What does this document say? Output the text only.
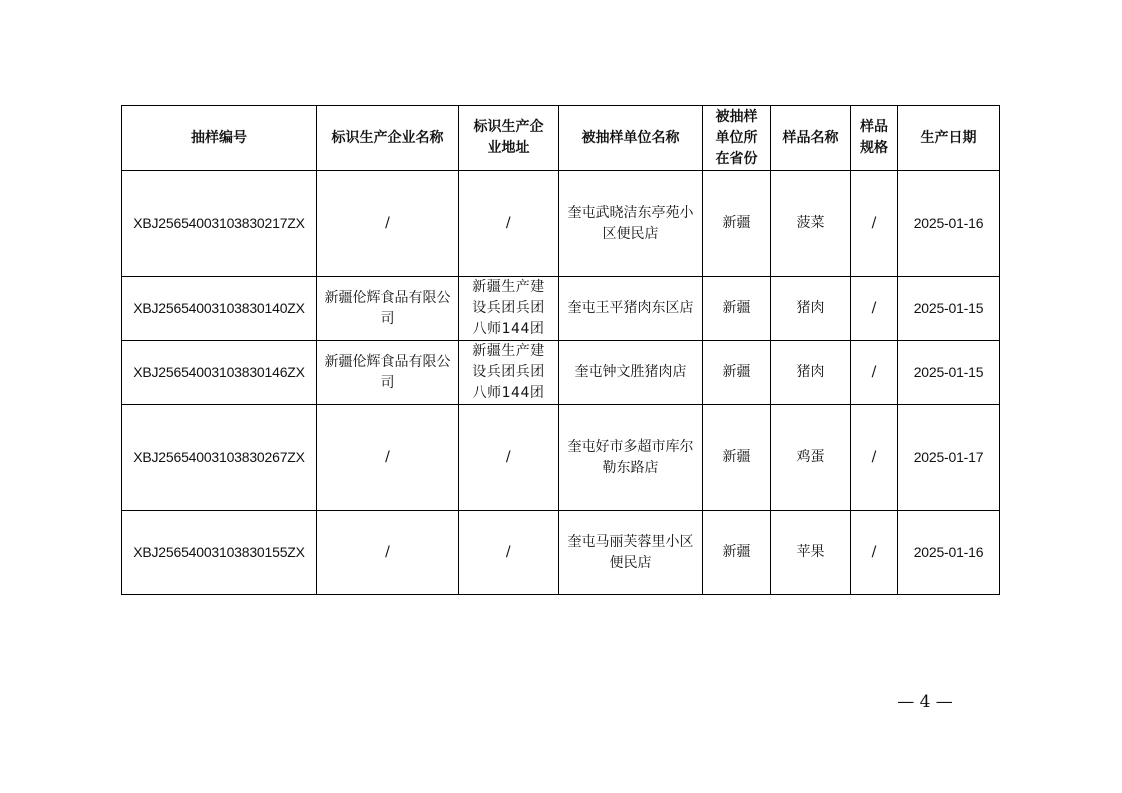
抽样编号	标识生产企业名称	标识生产企业地址	被抽样单位名称	被抽样单位所在省份	样品名称	样品规格	生产日期
XBJ25654003103830217ZX	/	/	奎屯武晓洁东亭苑小区便民店	新疆	菠菜	/	2025-01-16
XBJ25654003103830140ZX	新疆伦辉食品有限公司	新疆生产建设兵团兵团八师144团	奎屯王平猪肉东区店	新疆	猪肉	/	2025-01-15
XBJ25654003103830146ZX	新疆伦辉食品有限公司	新疆生产建设兵团兵团八师144团	奎屯钟文胜猪肉店	新疆	猪肉	/	2025-01-15
XBJ25654003103830267ZX	/	/	奎屯好市多超市库尔勒东路店	新疆	鸡蛋	/	2025-01-17
XBJ25654003103830155ZX	/	/	奎屯马丽芙蓉里小区便民店	新疆	苹果	/	2025-01-16
— 4 —
